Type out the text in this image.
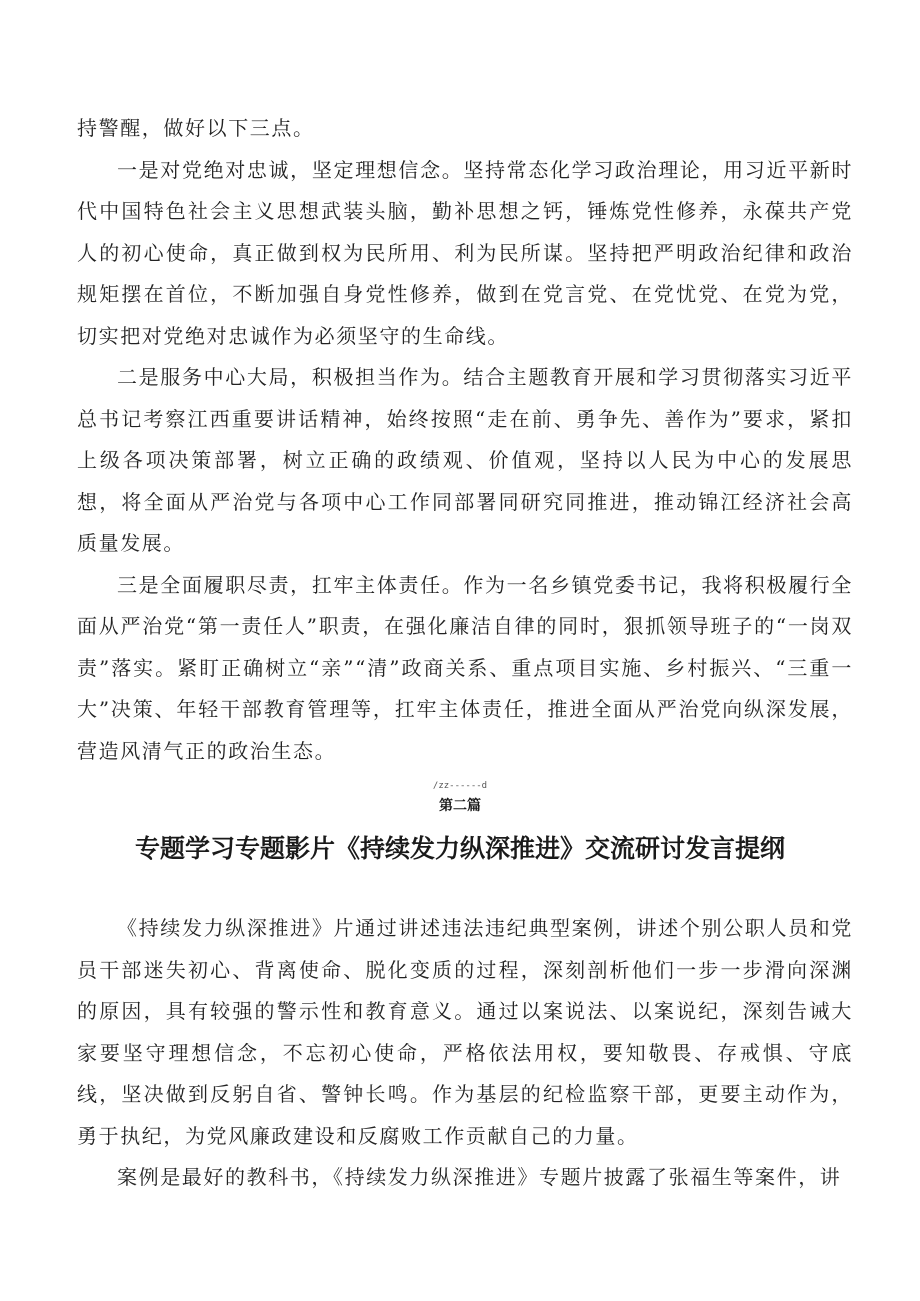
持警醒，做好以下三点。

一是对党绝对忠诚，坚定理想信念。坚持常态化学习政治理论，用习近平新时代中国特色社会主义思想武装头脑，勤补思想之钙，锤炼党性修养，永葆共产党人的初心使命，真正做到权为民所用、利为民所谋。坚持把严明政治纪律和政治规矩摆在首位，不断加强自身党性修养，做到在党言党、在党忧党、在党为党，切实把对党绝对忠诚作为必须坚守的生命线。

二是服务中心大局，积极担当作为。结合主题教育开展和学习贯彻落实习近平总书记考察江西重要讲话精神，始终按照“走在前、勇争先、善作为”要求，紧扣上级各项决策部署，树立正确的政绩观、价值观，坚持以人民为中心的发展思想，将全面从严治党与各项中心工作同部署同研究同推进，推动锦江经济社会高质量发展。

三是全面履职尽责，扛牢主体责任。作为一名乡镇党委书记，我将积极履行全面从严治党“第一责任人”职责，在强化廉洁自律的同时，狠抓领导班子的“一岗双责”落实。紧盯正确树立“亲”“清”政商关系、重点项目实施、乡村振兴、“三重一大”决策、年轻干部教育管理等，扛牢主体责任，推进全面从严治党向纵深发展，营造风清气正的政治生态。

/zz------d
第二篇
专题学习专题影片《持续发力纵深推进》交流研讨发言提纲

《持续发力纵深推进》片通过讲述违法违纪典型案例，讲述个别公职人员和党员干部迷失初心、背离使命、脱化变质的过程，深刻剖析他们一步一步滑向深渊的原因，具有较强的警示性和教育意义。通过以案说法、以案说纪，深刻告诫大家要坚守理想信念，不忘初心使命，严格依法用权，要知敬畏、存戒惧、守底线，坚决做到反躬自省、警钟长鸣。作为基层的纪检监察干部，更要主动作为，勇于执纪，为党风廉政建设和反腐败工作贡献自己的力量。

案例是最好的教科书，《持续发力纵深推进》专题片披露了张福生等案件，讲
